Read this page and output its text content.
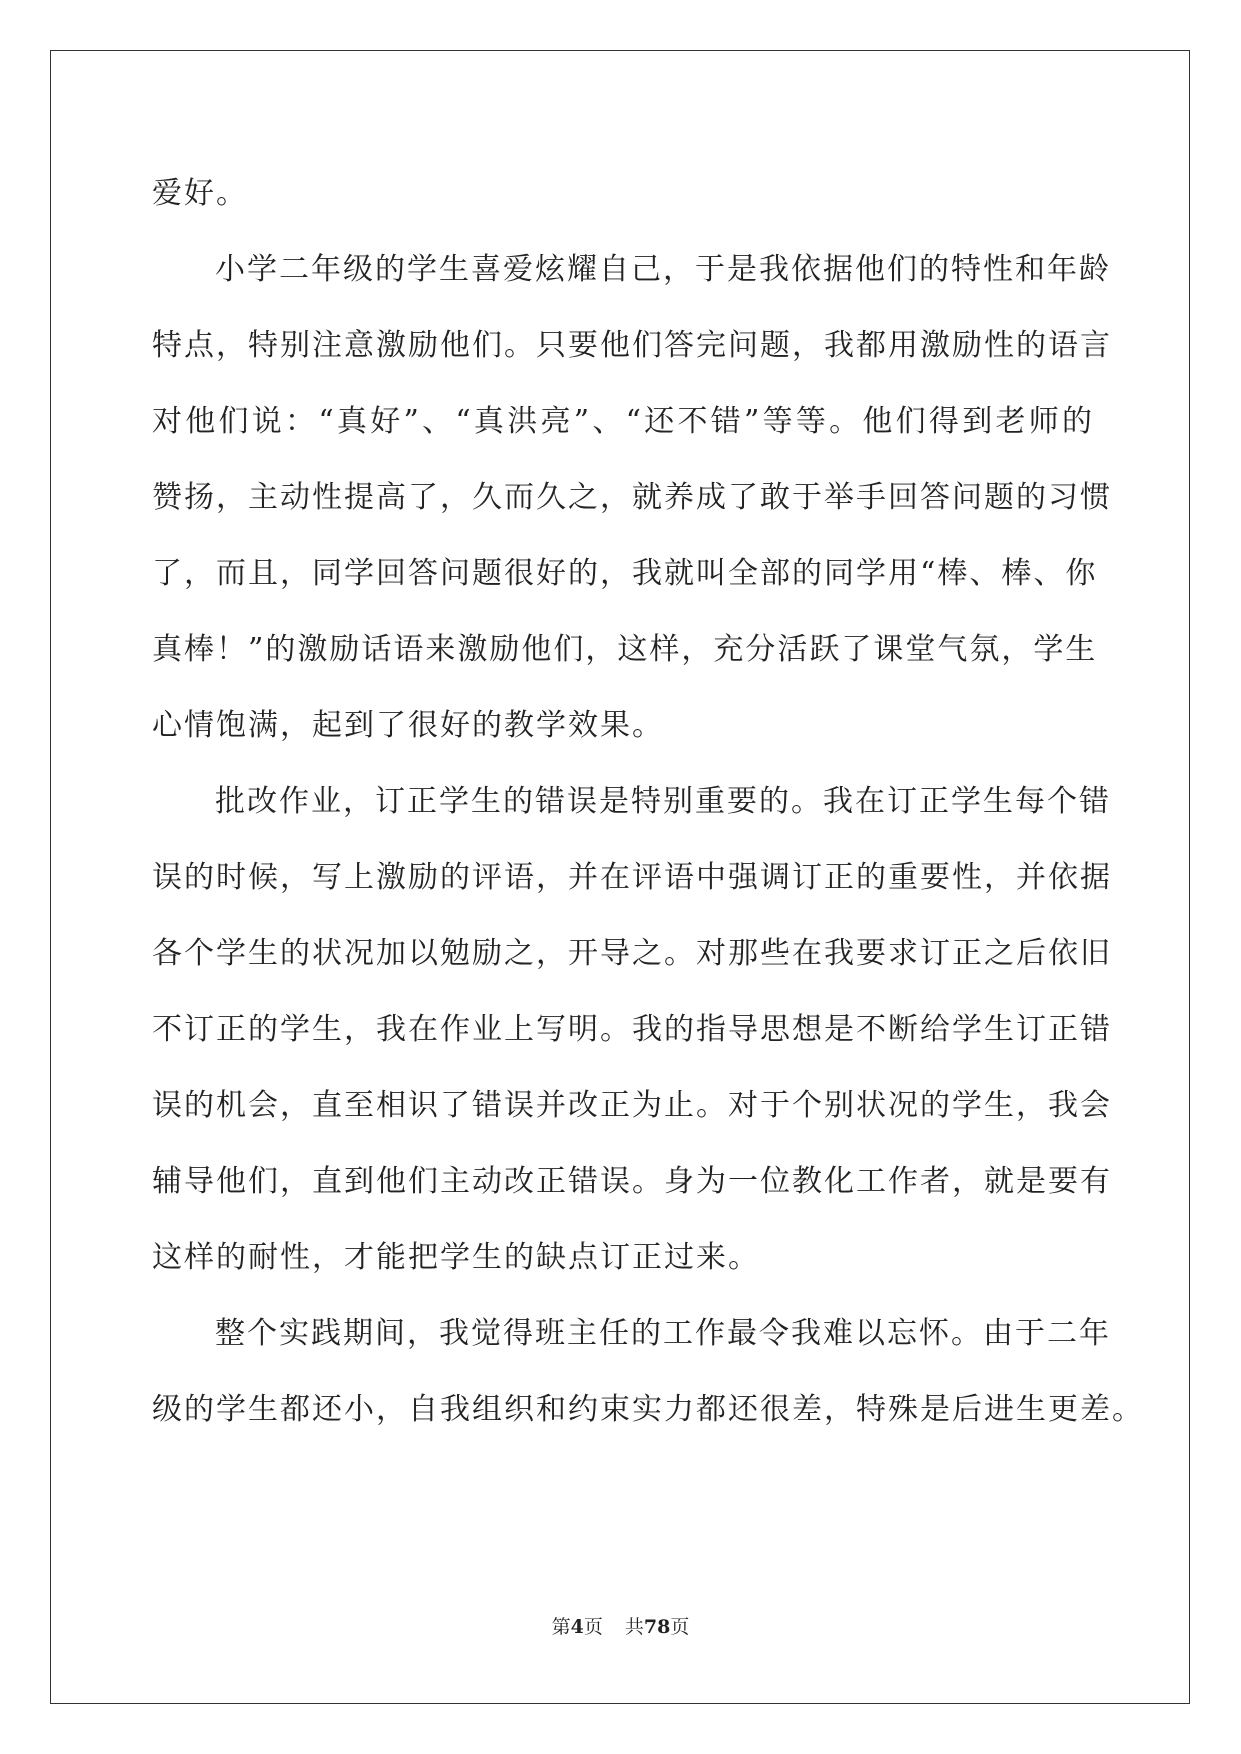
爱好。
小学二年级的学生喜爱炫耀自己，于是我依据他们的特性和年龄
特点，特别注意激励他们。只要他们答完问题，我都用激励性的语言
对他们说：“真好”、“真洪亮”、“还不错”等等。他们得到老师的
赞扬，主动性提高了，久而久之，就养成了敢于举手回答问题的习惯
了，而且，同学回答问题很好的，我就叫全部的同学用“棒、棒、你
真棒！”的激励话语来激励他们，这样，充分活跃了课堂气氛，学生
心情饱满，起到了很好的教学效果。
批改作业，订正学生的错误是特别重要的。我在订正学生每个错
误的时候，写上激励的评语，并在评语中强调订正的重要性，并依据
各个学生的状况加以勉励之，开导之。对那些在我要求订正之后依旧
不订正的学生，我在作业上写明。我的指导思想是不断给学生订正错
误的机会，直至相识了错误并改正为止。对于个别状况的学生，我会
辅导他们，直到他们主动改正错误。身为一位教化工作者，就是要有
这样的耐性，才能把学生的缺点订正过来。
整个实践期间，我觉得班主任的工作最令我难以忘怀。由于二年
级的学生都还小，自我组织和约束实力都还很差，特殊是后进生更差。
第4页 共78页
